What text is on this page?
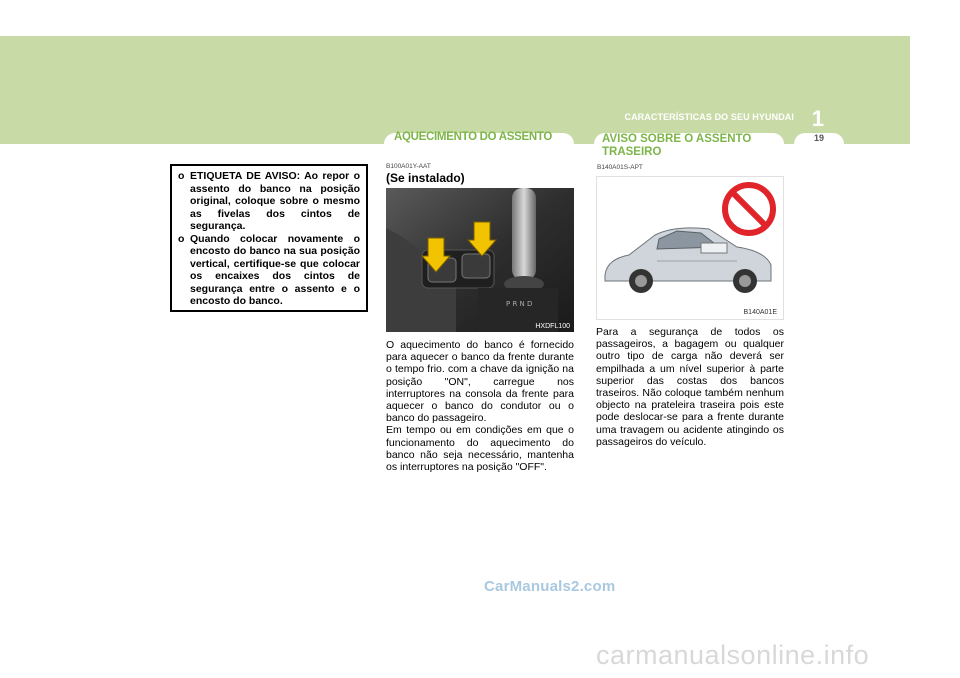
CARACTERÍSTICAS DO SEU HYUNDAI 1
AQUECIMENTO DO ASSENTO	AVISO SOBRE O ASSENTO TRASEIRO
19
o ETIQUETA DE AVISO: Ao repor o assento do banco na posição original, coloque sobre o mesmo as fivelas dos cintos de segurança.
o Quando colocar novamente o encosto do banco na sua posição vertical, certifique-se que colocar os encaixes dos cintos de segurança entre o assento e o encosto do banco.
B100A01Y-AAT
(Se instalado)
P R N D
HXDFL100
O aquecimento do banco é fornecido para aquecer o banco da frente durante o tempo frio. com a chave da ignição na posição "ON", carregue nos interruptores na consola da frente para aquecer o banco do condutor ou o banco do passageiro.
Em tempo ou em condições em que o funcionamento do aquecimento do banco não seja necessário, mantenha os interruptores na posição "OFF".
B140A01S-APT
B140A01E
Para a segurança de todos os passageiros, a bagagem ou qualquer outro tipo de carga não deverá ser empilhada a um nível superior à parte superior das costas dos bancos traseiros. Não coloque também nenhum objecto na prateleira traseira pois este pode deslocar-se para a frente durante uma travagem ou acidente atingindo os passageiros do veículo.
CarManuals2.com
carmanualsonline.info
